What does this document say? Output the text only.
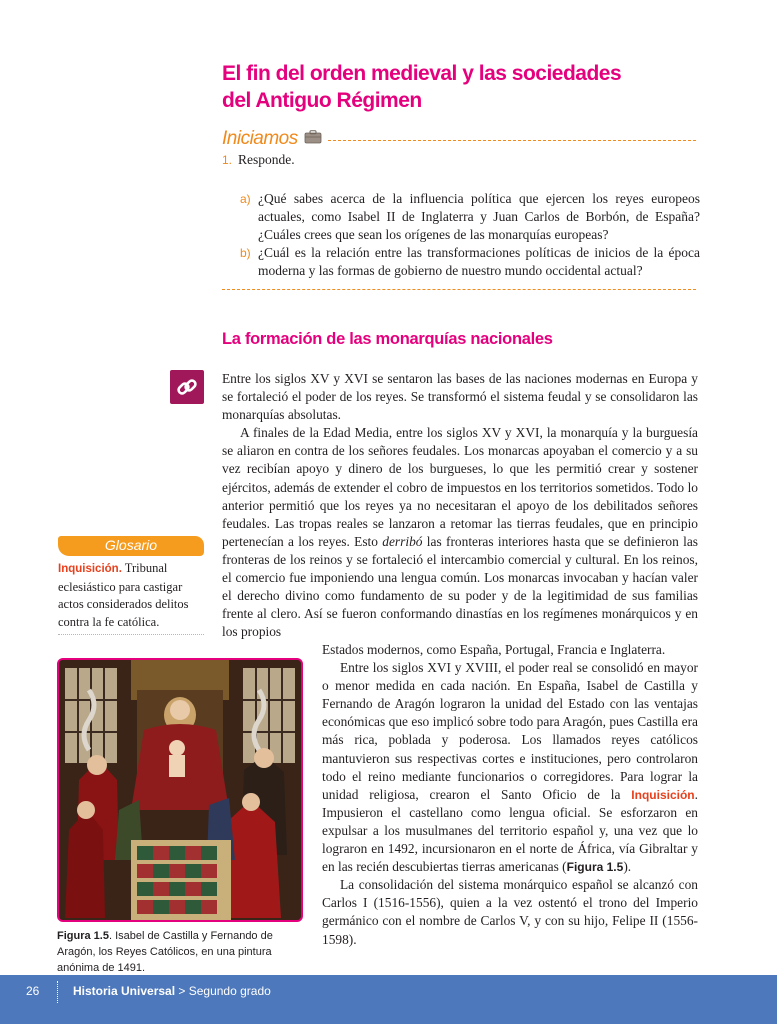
El fin del orden medieval y las sociedades
del Antiguo Régimen
Iniciamos
1. Responde.
a) ¿Qué sabes acerca de la influencia política que ejercen los reyes europeos actuales, como Isabel II de Inglaterra y Juan Carlos de Borbón, de España? ¿Cuáles crees que sean los orígenes de las monarquías europeas?
b) ¿Cuál es la relación entre las transformaciones políticas de inicios de la época moderna y las formas de gobierno de nuestro mundo occidental actual?
La formación de las monarquías nacionales

Entre los siglos XV y XVI se sentaron las bases de las naciones modernas en Europa y se fortaleció el poder de los reyes. Se transformó el sistema feudal y se consolidaron las monarquías absolutas.

A finales de la Edad Media, entre los siglos XV y XVI, la monarquía y la burguesía se aliaron en contra de los señores feudales. Los monarcas apoyaban el comercio y a su vez recibían apoyo y dinero de los burgueses, lo que les permitió crear y sostener ejércitos, además de extender el cobro de impuestos en los territorios sometidos. Todo lo anterior permitió que los reyes ya no necesitaran el apoyo de los debilitados señores feudales. Las tropas reales se lanzaron a retomar las tierras feudales, que en principio pertenecían a los reyes. Esto derribó las fronteras interiores hasta que se definieron las fronteras de los reinos y se fortaleció el intercambio comercial y cultural. En los reinos, el comercio fue imponiendo una lengua común. Los monarcas invocaban y hacían valer el derecho divino como fundamento de su poder y de la legitimidad de sus familias frente al clero. Así se fueron conformando dinastías en los regímenes monárquicos y en los propios

Glosario
Inquisición. Tribunal eclesiástico para castigar actos considerados delitos contra la fe católica.

Estados modernos, como España, Portugal, Francia e Inglaterra.

Entre los siglos XVI y XVIII, el poder real se consolidó en mayor o menor medida en cada nación. En España, Isabel de Castilla y Fernando de Aragón lograron la unidad del Estado con las ventajas económicas que eso implicó sobre todo para Aragón, pues Castilla era más rica, poblada y poderosa. Los llamados reyes católicos mantuvieron sus respectivas cortes e instituciones, pero controlaron todo el reino mediante funcionarios o corregidores. Para lograr la unidad religiosa, crearon el Santo Oficio de la Inquisición. Impusieron el castellano como lengua oficial. Se esforzaron en expulsar a los musulmanes del territorio español y, una vez que lo lograron en 1492, incursionaron en el norte de África, vía Gibraltar y en las recién descubiertas tierras americanas (Figura 1.5).

La consolidación del sistema monárquico español se alcanzó con Carlos I (1516-1556), quien a la vez ostentó el trono del Imperio germánico con el nombre de Carlos V, y con su hijo, Felipe II (1556-1598).

Figura 1.5. Isabel de Castilla y Fernando de Aragón, los Reyes Católicos, en una pintura anónima de 1491.
26	Historia Universal > Segundo grado
